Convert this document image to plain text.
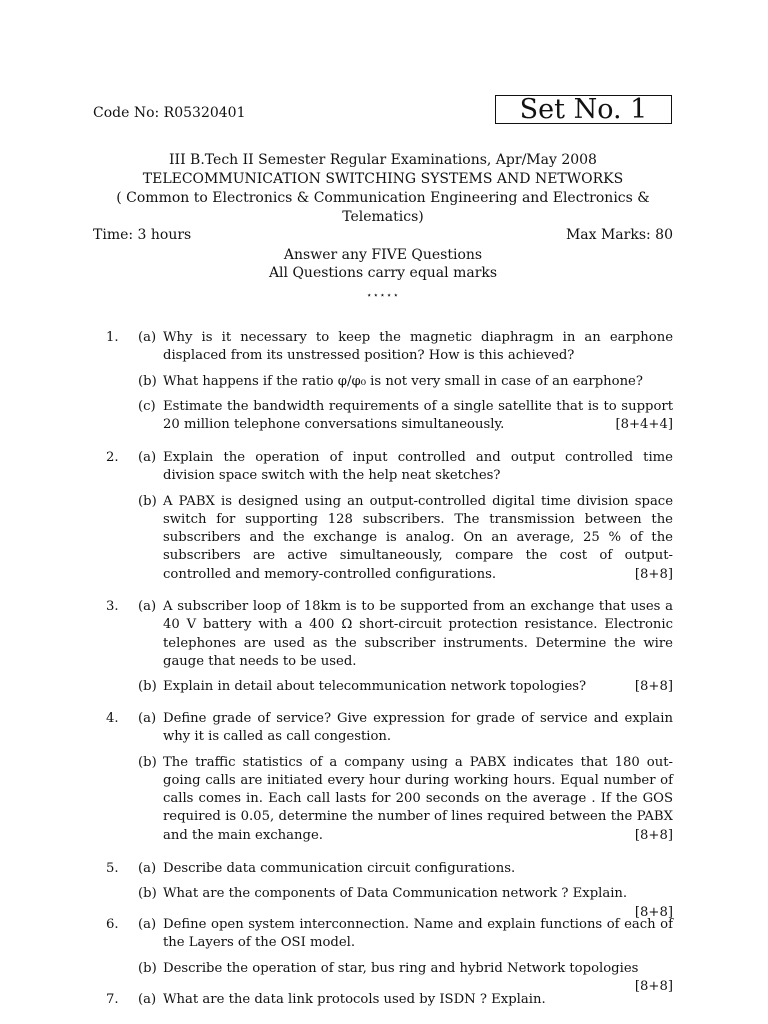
Code No: R05320401	Set No. 1
III B.Tech II Semester Regular Examinations, Apr/May 2008
TELECOMMUNICATION SWITCHING SYSTEMS AND NETWORKS
( Common to Electronics & Communication Engineering and Electronics &
Telematics)
Time: 3 hours	Max Marks: 80
Answer any FIVE Questions
All Questions carry equal marks
⋆⋆⋆⋆⋆
1.	(a) Why is it necessary to keep the magnetic diaphragm in an earphone displaced from its unstressed position? How is this achieved?
(b) What happens if the ratio φ/φ₀ is not very small in case of an earphone?
(c) Estimate the bandwidth requirements of a single satellite that is to support 20 million telephone conversations simultaneously.	[8+4+4]
2.	(a) Explain the operation of input controlled and output controlled time division space switch with the help neat sketches?
(b) A PABX is designed using an output-controlled digital time division space switch for supporting 128 subscribers. The transmission between the subscribers and the exchange is analog. On an average, 25 % of the subscribers are active simultaneously, compare the cost of output- controlled and memory-controlled configurations.	[8+8]
3.	(a) A subscriber loop of 18km is to be supported from an exchange that uses a 40 V battery with a 400 Ω short-circuit protection resistance. Electronic telephones are used as the subscriber instruments. Determine the wire gauge that needs to be used.
(b) Explain in detail about telecommunication network topologies?	[8+8]
4.	(a) Define grade of service? Give expression for grade of service and explain why it is called as call congestion.
(b) The traffic statistics of a company using a PABX indicates that 180 out-going calls are initiated every hour during working hours. Equal number of calls comes in. Each call lasts for 200 seconds on the average . If the GOS required is 0.05, determine the number of lines required between the PABX and the main exchange.	[8+8]
5.	(a) Describe data communication circuit configurations.
(b) What are the components of Data Communication network ? Explain.
[8+8]
6.	(a) Define open system interconnection. Name and explain functions of each of the Layers of the OSI model.
(b) Describe the operation of star, bus ring and hybrid Network topologies
[8+8]
7.	(a) What are the data link protocols used by ISDN ? Explain.
